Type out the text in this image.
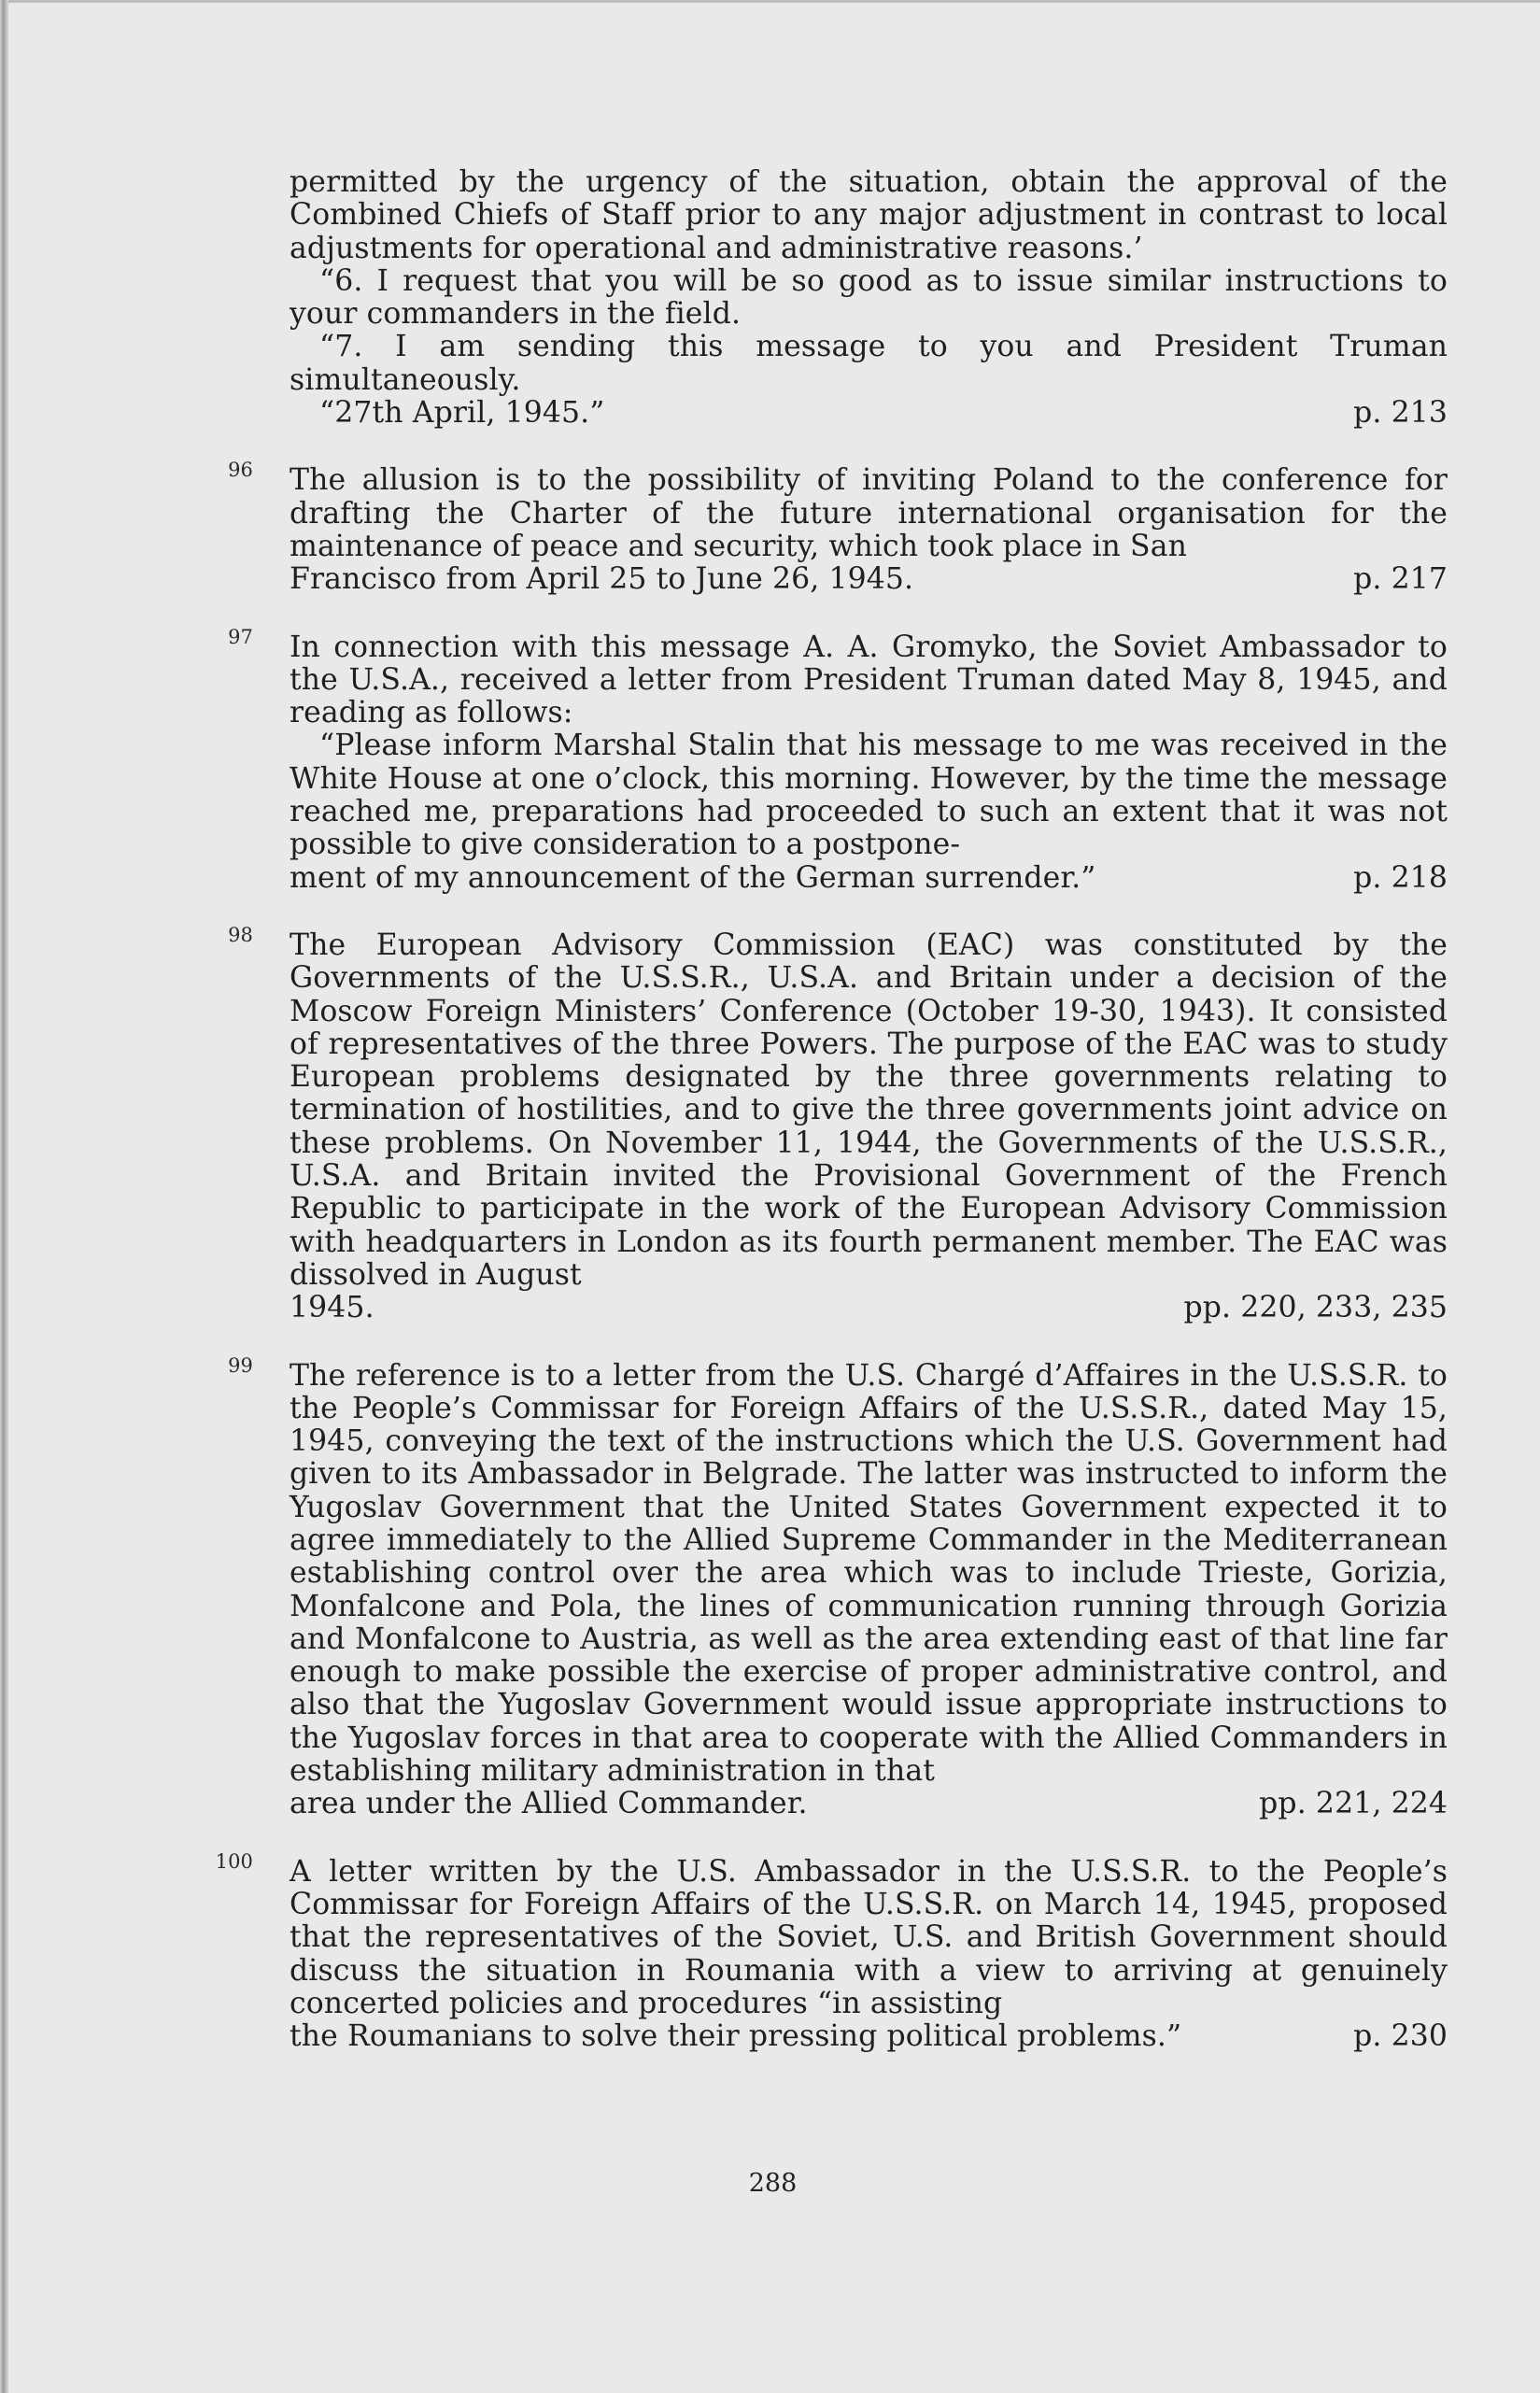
permitted by the urgency of the situation, obtain the approval of the Combined Chiefs of Staff prior to any major adjustment in contrast to local adjustments for operational and administrative reasons.’

“6. I request that you will be so good as to issue similar instructions to your commanders in the field.

“7. I am sending this message to you and President Truman simultaneously.

“27th April, 1945.”	p. 213
96	The allusion is to the possibility of inviting Poland to the conference for drafting the Charter of the future international organisation for the maintenance of peace and security, which took place in San

Francisco from April 25 to June 26, 1945.	p. 217
97	In connection with this message A. A. Gromyko, the Soviet Ambassador to the U.S.A., received a letter from President Truman dated May 8, 1945, and reading as follows:

“Please inform Marshal Stalin that his message to me was received in the White House at one o’clock, this morning. However, by the time the message reached me, preparations had proceeded to such an extent that it was not possible to give consideration to a postpone-

ment of my announcement of the German surrender.”	p. 218
98	The European Advisory Commission (EAC) was constituted by the Governments of the U.S.S.R., U.S.A. and Britain under a decision of the Moscow Foreign Ministers’ Conference (October 19-30, 1943). It consisted of representatives of the three Powers. The purpose of the EAC was to study European problems designated by the three governments relating to termination of hostilities, and to give the three governments joint advice on these problems. On November 11, 1944, the Governments of the U.S.S.R., U.S.A. and Britain invited the Provisional Government of the French Republic to participate in the work of the European Advisory Commission with headquarters in London as its fourth permanent member. The EAC was dissolved in August

1945.	pp. 220, 233, 235
99	The reference is to a letter from the U.S. Chargé d’Affaires in the U.S.S.R. to the People’s Commissar for Foreign Affairs of the U.S.S.R., dated May 15, 1945, conveying the text of the instructions which the U.S. Government had given to its Ambassador in Belgrade. The latter was instructed to inform the Yugoslav Government that the United States Government expected it to agree immediately to the Allied Supreme Commander in the Mediterranean establishing control over the area which was to include Trieste, Gorizia, Monfalcone and Pola, the lines of communication running through Gorizia and Monfalcone to Austria, as well as the area extending east of that line far enough to make possible the exercise of proper administrative control, and also that the Yugoslav Government would issue appropriate instructions to the Yugoslav forces in that area to cooperate with the Allied Commanders in establishing military administration in that

area under the Allied Commander.	pp. 221, 224
100	A letter written by the U.S. Ambassador in the U.S.S.R. to the People’s Commissar for Foreign Affairs of the U.S.S.R. on March 14, 1945, proposed that the representatives of the Soviet, U.S. and British Government should discuss the situation in Roumania with a view to arriving at genuinely concerted policies and procedures “in assisting

the Roumanians to solve their pressing political problems.”	p. 230
288
